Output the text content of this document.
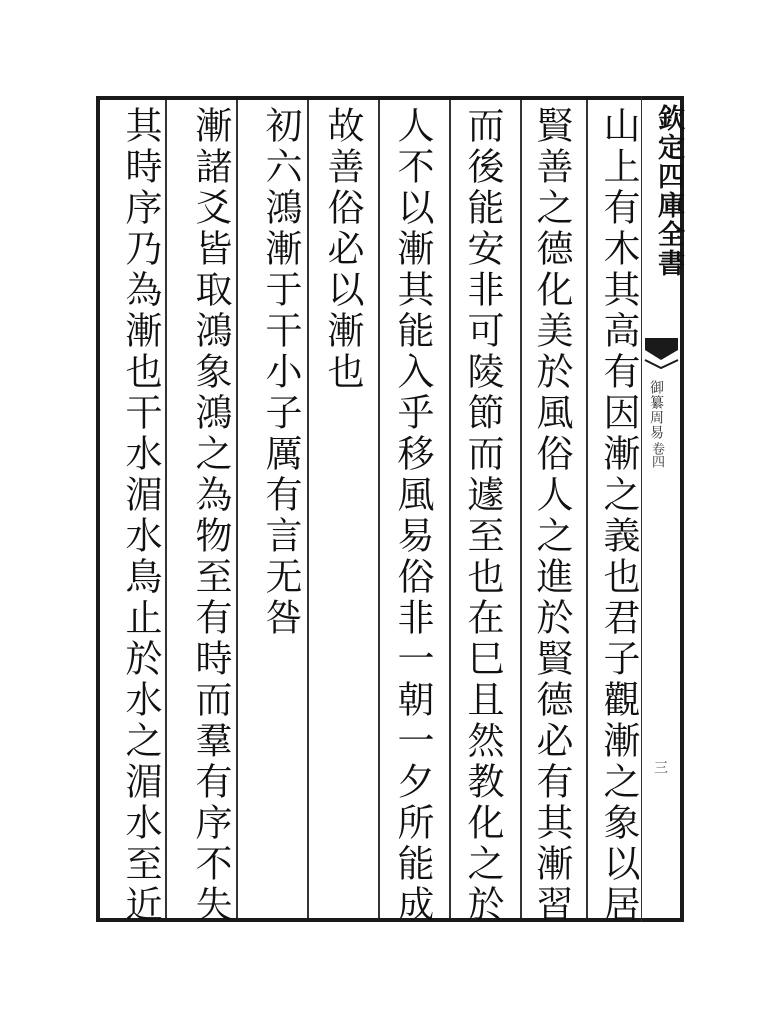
欽定四庫全書
御纂周易
卷四
三
山上有木其高有因漸之義也君子觀漸之象以居
賢善之德化美於風俗人之進於賢德必有其漸習
而後能安非可陵節而遽至也在巳且然教化之於
人不以漸其能入乎移風易俗非一朝一夕所能成
故善俗必以漸也
初六鴻漸于干小子厲有言无咎
漸諸爻皆取鴻象鴻之為物至有時而羣有序不失
其時序乃為漸也干水湄水鳥止於水之湄水至近
